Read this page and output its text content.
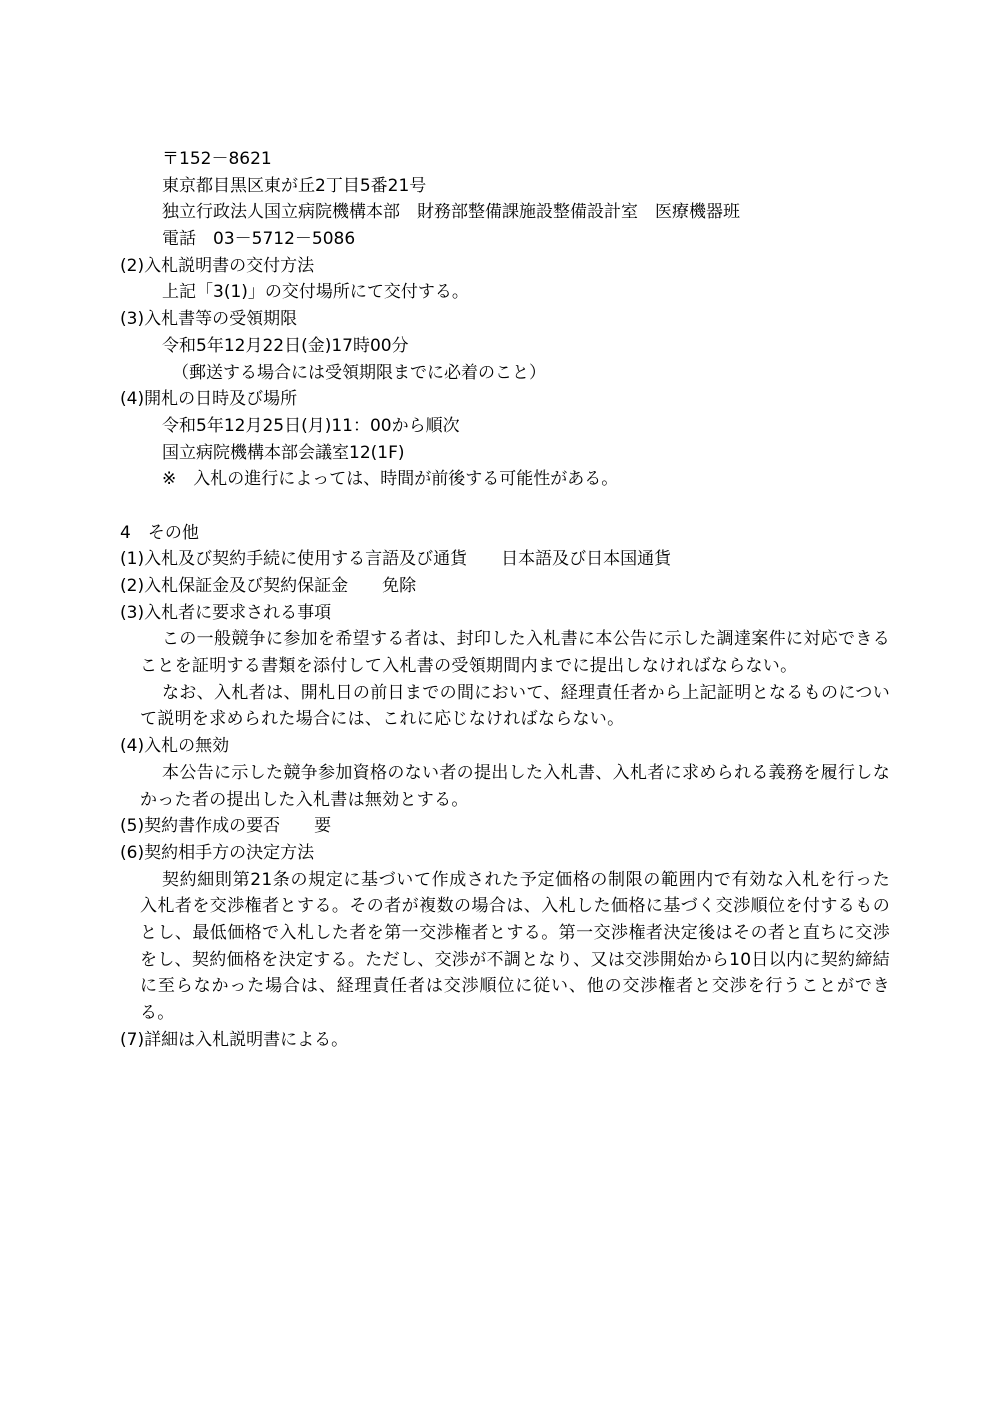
〒152－8621
東京都目黒区東が丘2丁目5番21号
独立行政法人国立病院機構本部　財務部整備課施設整備設計室　医療機器班
電話　03－5712－5086
(2)入札説明書の交付方法
上記「3(1)」の交付場所にて交付する。
(3)入札書等の受領期限
令和5年12月22日(金)17時00分
（郵送する場合には受領期限までに必着のこと）
(4)開札の日時及び場所
令和5年12月25日(月)11：00から順次
国立病院機構本部会議室12(1F)
※　入札の進行によっては、時間が前後する可能性がある。
4　その他
(1)入札及び契約手続に使用する言語及び通貨　　日本語及び日本国通貨
(2)入札保証金及び契約保証金　　免除
(3)入札者に要求される事項
この一般競争に参加を希望する者は、封印した入札書に本公告に示した調達案件に対応できることを証明する書類を添付して入札書の受領期間内までに提出しなければならない。
なお、入札者は、開札日の前日までの間において、経理責任者から上記証明となるものについて説明を求められた場合には、これに応じなければならない。
(4)入札の無効
本公告に示した競争参加資格のない者の提出した入札書、入札者に求められる義務を履行しなかった者の提出した入札書は無効とする。
(5)契約書作成の要否　　要
(6)契約相手方の決定方法
契約細則第21条の規定に基づいて作成された予定価格の制限の範囲内で有効な入札を行った入札者を交渉権者とする。その者が複数の場合は、入札した価格に基づく交渉順位を付するものとし、最低価格で入札した者を第一交渉権者とする。第一交渉権者決定後はその者と直ちに交渉をし、契約価格を決定する。ただし、交渉が不調となり、又は交渉開始から10日以内に契約締結に至らなかった場合は、経理責任者は交渉順位に従い、他の交渉権者と交渉を行うことができる。
(7)詳細は入札説明書による。
